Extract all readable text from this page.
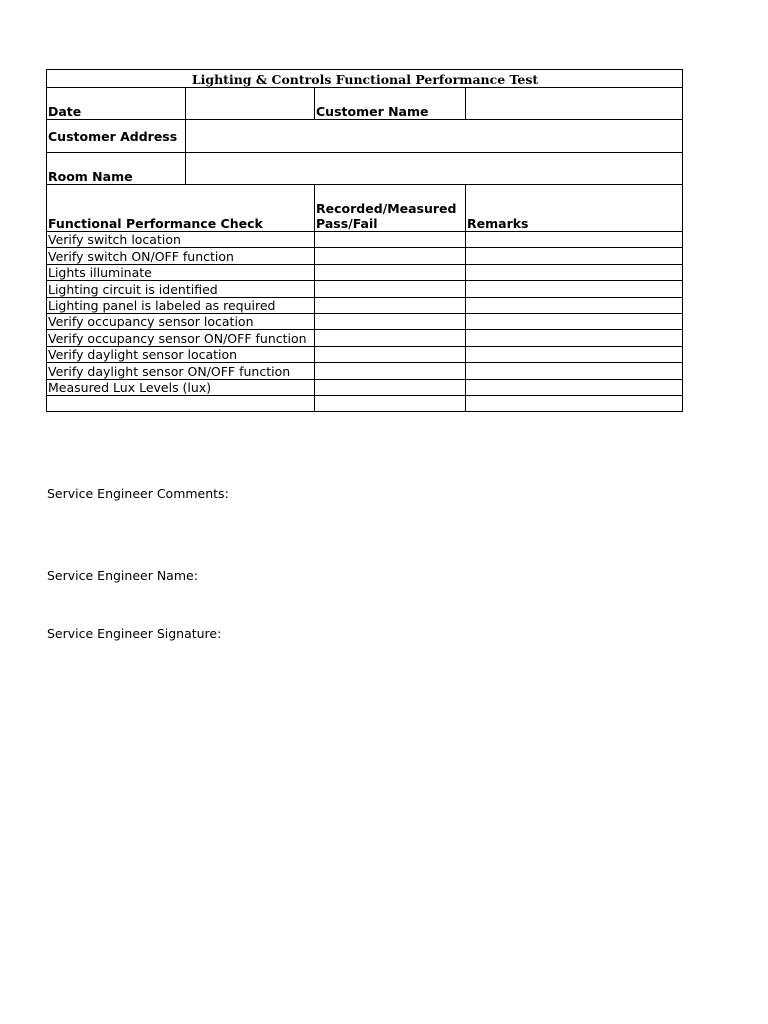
Lighting & Controls Functional Performance Test			
Date		Customer Name	
Customer Address			
Room Name			
Functional Performance Check		Recorded/Measured Pass/Fail	Remarks
Verify switch location			
Verify switch ON/OFF function			
Lights illuminate			
Lighting circuit is identified			
Lighting panel is labeled as required			
Verify occupancy sensor location			
Verify occupancy sensor ON/OFF function			
Verify daylight sensor location			
Verify daylight sensor ON/OFF function			
Measured Lux Levels (lux)			

Service Engineer Comments:
Service Engineer Name:
Service Engineer Signature:
